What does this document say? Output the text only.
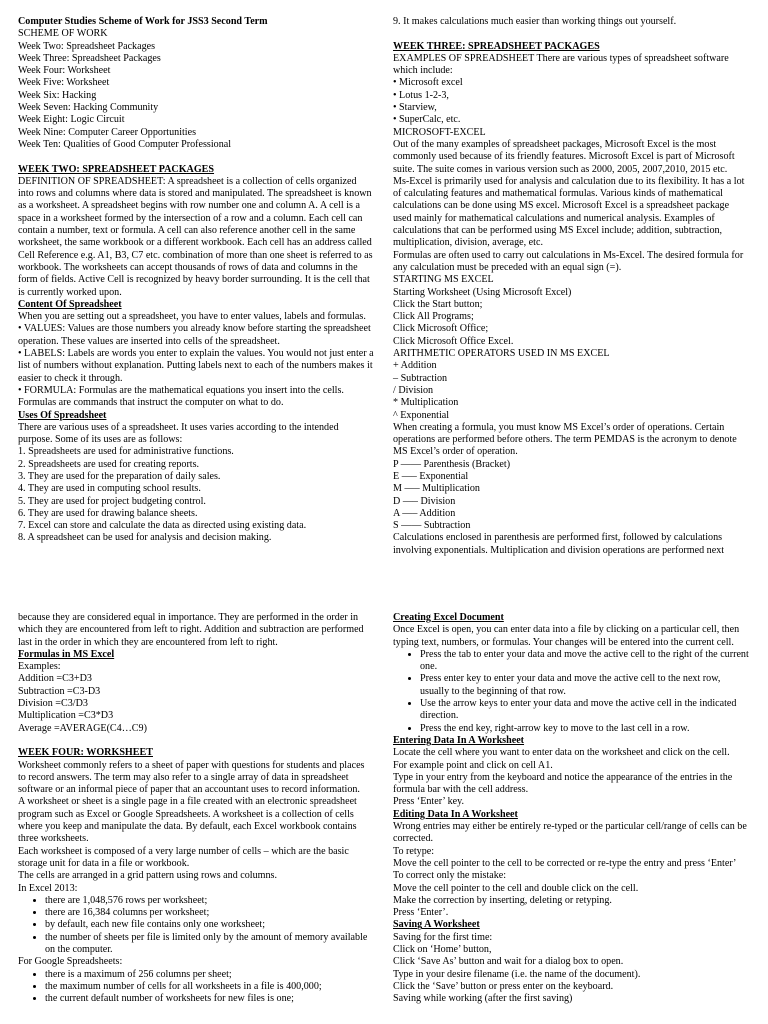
Computer Studies Scheme of Work for JSS3 Second Term

SCHEME OF WORK

Week Two: Spreadsheet Packages

Week Three: Spreadsheet Packages

Week Four: Worksheet

Week Five: Worksheet

Week Six: Hacking

Week Seven: Hacking Community

Week Eight: Logic Circuit

Week Nine: Computer Career Opportunities

Week Ten: Qualities of Good Computer Professional

WEEK TWO: SPREADSHEET PACKAGES

DEFINITION OF SPREADSHEET: A spreadsheet is a collection of cells organized into rows and columns where data is stored and manipulated. The spreadsheet is known as a worksheet. A spreadsheet begins with row number one and column A. A cell is a space in a worksheet formed by the intersection of a row and a column. Each cell can contain a number, text or formula. A cell can also reference another cell in the same worksheet, the same workbook or a different workbook. Each cell has an address called Cell Reference e.g. A1, B3, C7 etc. combination of more than one sheet is referred to as workbook. The worksheets can accept thousands of rows of data and columns in the form of fields. Active Cell is recognized by heavy border surrounding. It is the cell that is currently worked upon.

Content Of Spreadsheet

When you are setting out a spreadsheet, you have to enter values, labels and formulas.

• VALUES: Values are those numbers you already know before starting the spreadsheet operation. These values are inserted into cells of the spreadsheet.

• LABELS: Labels are words you enter to explain the values. You would not just enter a list of numbers without explanation. Putting labels next to each of the numbers makes it easier to check it through.

• FORMULA: Formulas are the mathematical equations you insert into the cells. Formulas are commands that instruct the computer on what to do.

Uses Of Spreadsheet

There are various uses of a spreadsheet. It uses varies according to the intended purpose. Some of its uses are as follows:

1. Spreadsheets are used for administrative functions.

2. Spreadsheets are used for creating reports.

3. They are used for the preparation of daily sales.

4. They are used in computing school results.

5. They are used for project budgeting control.

6. They are used for drawing balance sheets.

7. Excel can store and calculate the data as directed using existing data.

8. A spreadsheet can be used for analysis and decision making.

9. It makes calculations much easier than working things out yourself.

WEEK THREE: SPREADSHEET PACKAGES

EXAMPLES OF SPREADSHEET There are various types of spreadsheet software which include:

• Microsoft excel

• Lotus 1-2-3,

• Starview,

• SuperCalc, etc.

MICROSOFT-EXCEL

Out of the many examples of spreadsheet packages, Microsoft Excel is the most commonly used because of its friendly features. Microsoft Excel is part of Microsoft suite. The suite comes in various version such as 2000, 2005, 2007,2010, 2015 etc.

Ms-Excel is primarily used for analysis and calculation due to its flexibility. It has a lot of calculating features and mathematical formulas. Various kinds of mathematical calculations can be done using MS excel. Microsoft Excel is a spreadsheet package used mainly for mathematical calculations and numerical analysis. Examples of calculations that can be performed using MS Excel include; addition, subtraction, multiplication, division, average, etc.

Formulas are often used to carry out calculations in Ms-Excel. The desired formula for any calculation must be preceded with an equal sign (=).

STARTING MS EXCEL

Starting Worksheet (Using Microsoft Excel)

Click the Start button;

Click All Programs;

Click Microsoft Office;

Click Microsoft Office Excel.

ARITHMETIC OPERATORS USED IN MS EXCEL

+ Addition

– Subtraction

/ Division

* Multiplication

^ Exponential

When creating a formula, you must know MS Excel’s order of operations. Certain operations are performed before others. The term PEMDAS is the acronym to denote MS Excel’s order of operation.

P —— Parenthesis (Bracket)

E —– Exponential

M —– Multiplication

D —– Division

A —– Addition

S —— Subtraction

Calculations enclosed in parenthesis are performed first, followed by calculations involving exponentials. Multiplication and division operations are performed next

because they are considered equal in importance. They are performed in the order in which they are encountered from left to right. Addition and subtraction are performed last in the order in which they are encountered from left to right.

Formulas in MS Excel

Examples:

Addition =C3+D3

Subtraction =C3-D3

Division =C3/D3

Multiplication =C3*D3

Average =AVERAGE(C4…C9)

WEEK FOUR: WORKSHEET

Worksheet commonly refers to a sheet of paper with questions for students and places to record answers. The term may also refer to a single array of data in spreadsheet software or an informal piece of paper that an accountant uses to record information.

A worksheet or sheet is a single page in a file created with an electronic spreadsheet program such as Excel or Google Spreadsheets. A worksheet is a collection of cells where you keep and manipulate the data. By default, each Excel workbook contains three worksheets.

Each worksheet is composed of a very large number of cells – which are the basic storage unit for data in a file or workbook.

The cells are arranged in a grid pattern using rows and columns.

In Excel 2013:

• there are 1,048,576 rows per worksheet;
• there are 16,384 columns per worksheet;
• by default, each new file contains only one worksheet;
• the number of sheets per file is limited only by the amount of memory available on the computer.

For Google Spreadsheets:

• there is a maximum of 256 columns per sheet;
• the maximum number of cells for all worksheets in a file is 400,000;
• the current default number of worksheets for new files is one;

Creating Excel Document

Once Excel is open, you can enter data into a file by clicking on a particular cell, then typing text, numbers, or formulas. Your changes will be entered into the current cell.

• Press the tab to enter your data and move the active cell to the right of the current one.
• Press enter key to enter your data and move the active cell to the next row, usually to the beginning of that row.
• Use the arrow keys to enter your data and move the active cell in the indicated direction.
• Press the end key, right-arrow key to move to the last cell in a row.

Entering Data In A Worksheet

Locate the cell where you want to enter data on the worksheet and click on the cell.

For example point and click on cell A1.

Type in your entry from the keyboard and notice the appearance of the entries in the formula bar with the cell address.

Press ‘Enter’ key.

Editing Data In A Worksheet

Wrong entries may either be entirely re-typed or the particular cell/range of cells can be corrected.

To retype:

Move the cell pointer to the cell to be corrected or re-type the entry and press ‘Enter’

To correct only the mistake:

Move the cell pointer to the cell and double click on the cell.

Make the correction by inserting, deleting or retyping.

Press ‘Enter’.

Saving A Worksheet

Saving for the first time:

Click on ‘Home’ button,

Click ‘Save As’ button and wait for a dialog box to open.

Type in your desire filename (i.e. the name of the document).

Click the ‘Save’ button or press enter on the keyboard.

Saving while working (after the first saving)
